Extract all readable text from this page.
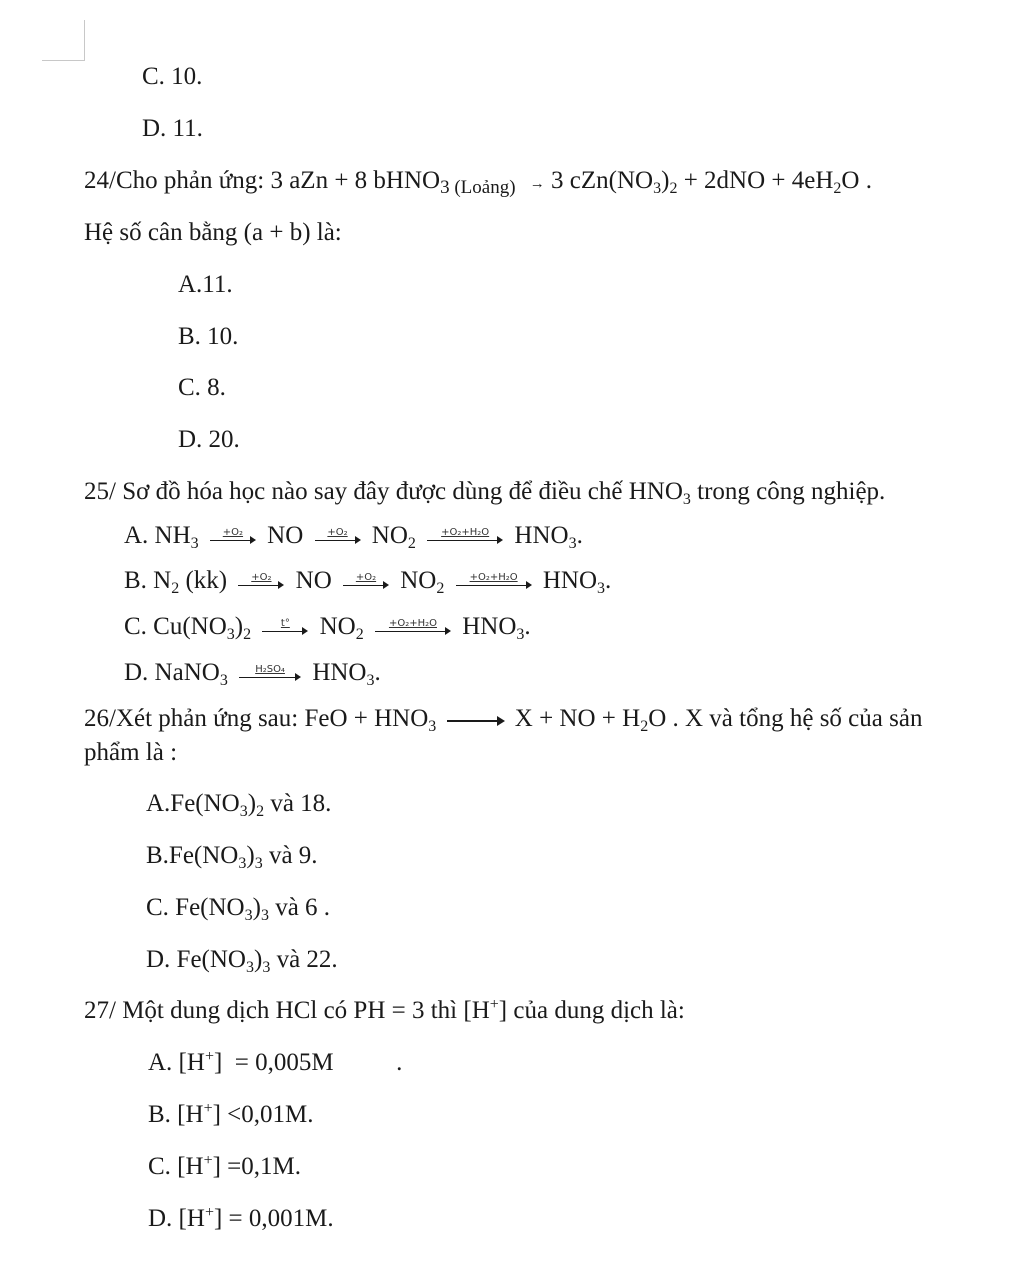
C. 10.
D. 11.
24/Cho phản ứng: 3 aZn + 8 bHNO$_{3 (Loảng)}$ → 3 $cZn(NO_3)_2 + 2dNO + 4eH_2O$ .
Hệ số cân bằng (a + b) là:
A.11.
B. 10.
C. 8.
D. 20.
25/ Sơ đồ hóa học nào say đây được dùng để điều chế $HNO_3$ trong công nghiệp.
A. $NH_3$
+O₂ NO	+O₂ $NO_2$
+O₂+H₂O	$HNO_3$.
B. $N_2$ (kk)	+O₂ NO	+O₂ $NO_2$
+O₂+H₂O	$HNO_3$.
C. $Cu(NO_3)_2$
t°	$NO_2$
+O₂+H₂O	$HNO_3$.
D. NaNO$_3$
H₂SO₄	$HNO_3$.
26/Xét phản ứng sau: FeO + $HNO_3$	X + NO + $H_2O$ . X và tổng hệ số của sản
phẩm là :
$A.Fe(NO_3)_2$ và 18.
$B.Fe(NO_3)_3$ và 9.
C. $Fe(NO_3)_3$ và 6 .
D. $Fe(NO_3)_3$ và 22.
27/ Một dung dịch HCl có PH = 3 thì [H+] của dung dịch là:
A. [H+]  = 0,005M          .
B. [H+] <0,01M.
C. [H+] =0,1M.
D. [H+] = 0,001M.
